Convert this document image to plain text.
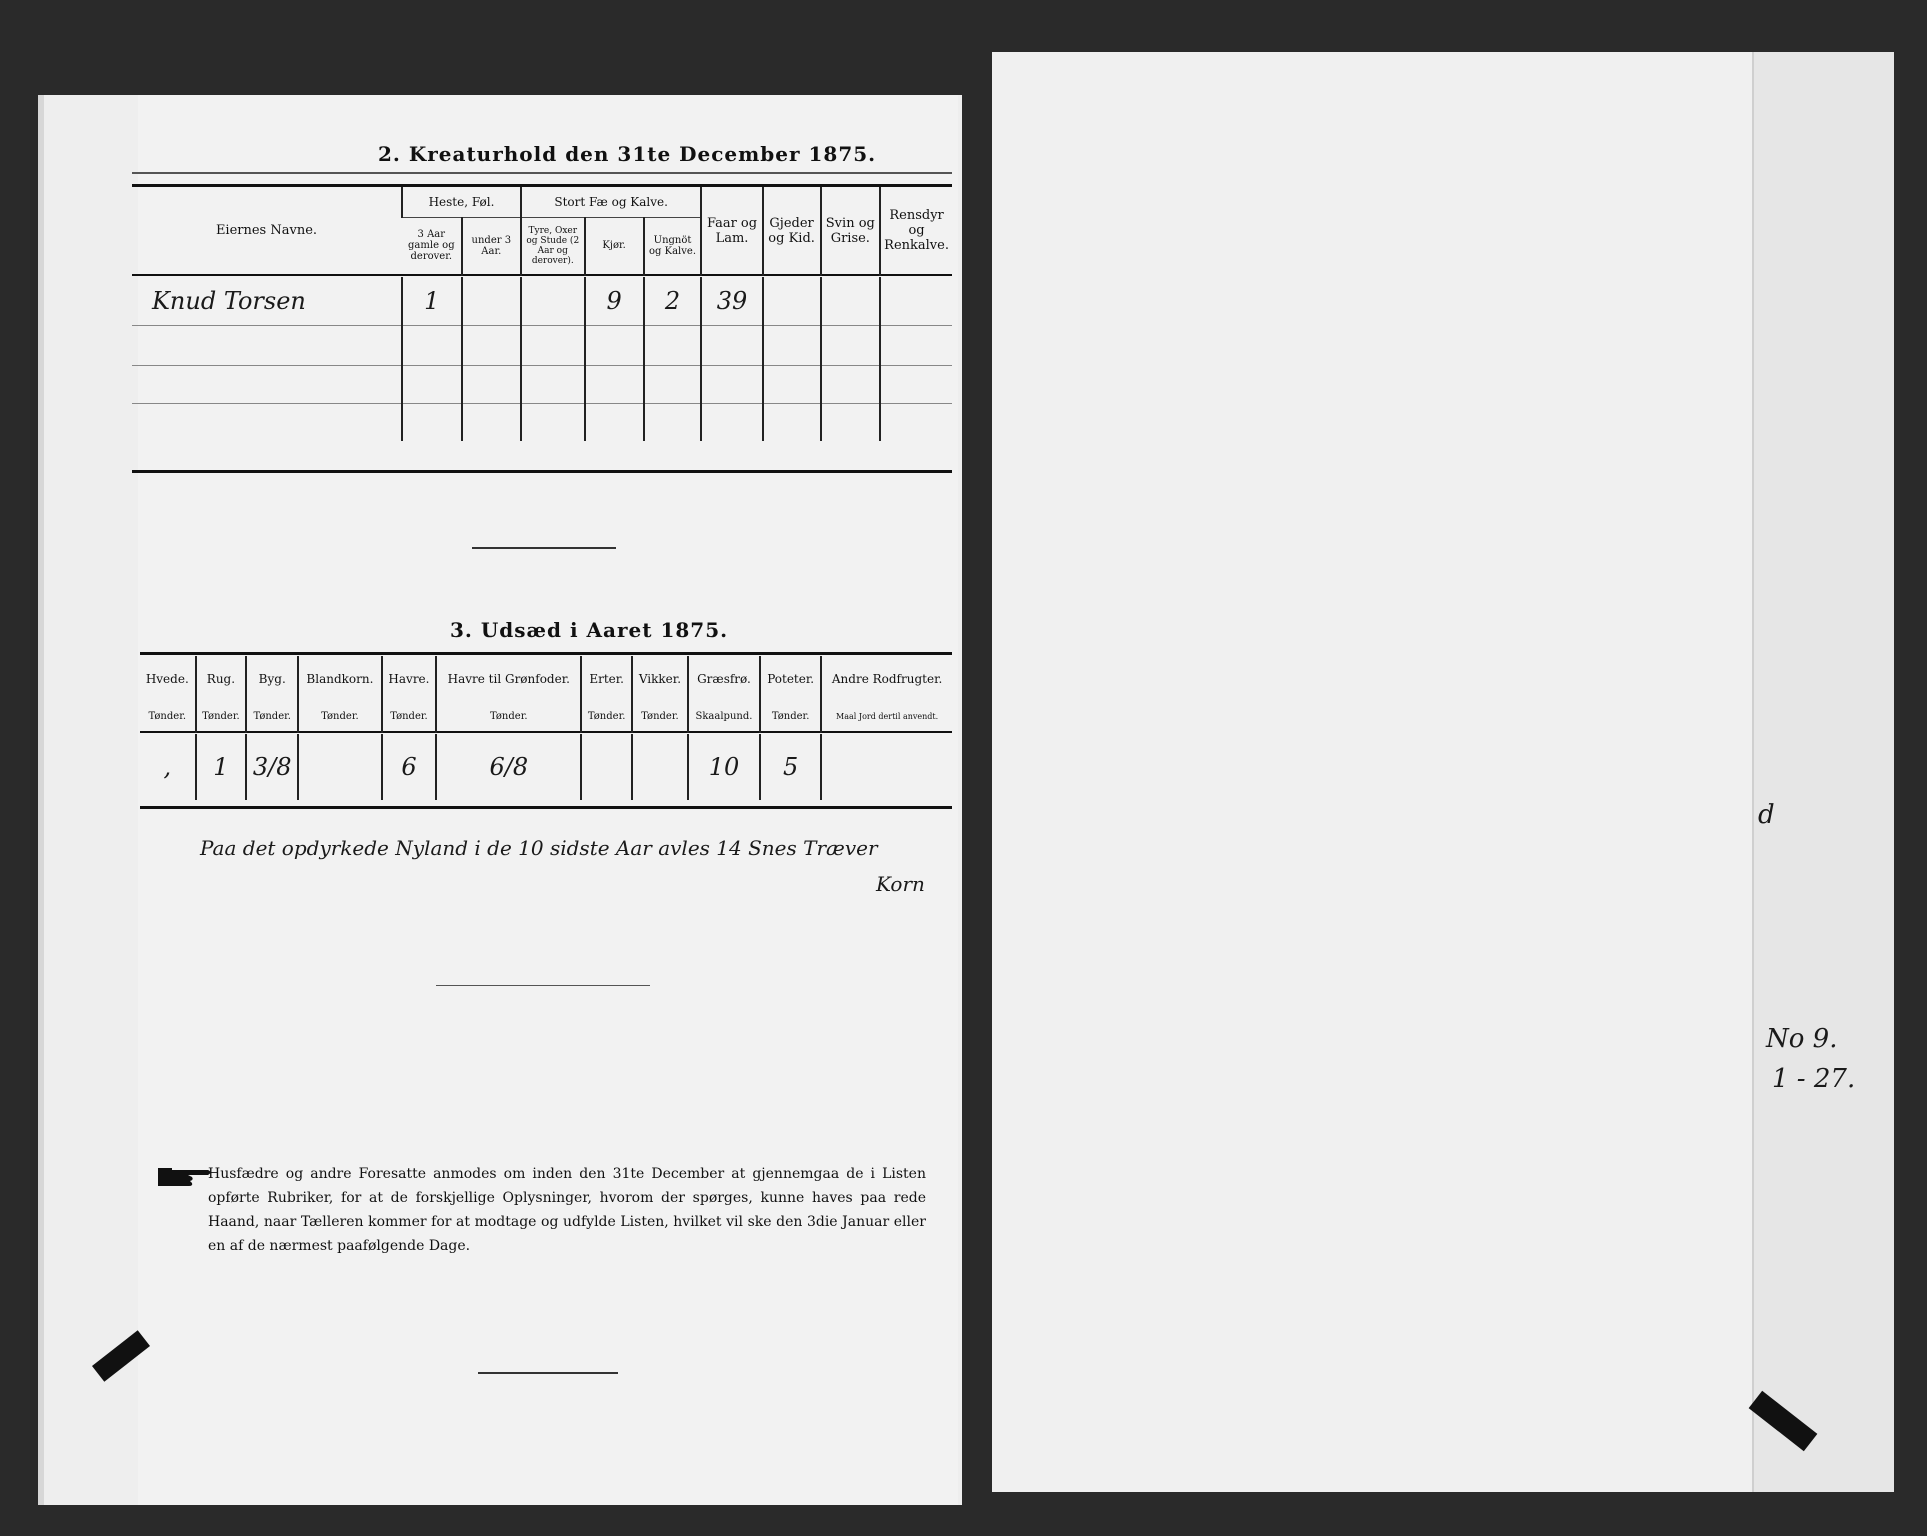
2. Kreaturhold den 31te December 1875.
Eiernes Navne.	Heste, Føl.		Stort Fæ og Kalve.			Faar og Lam.	Gjeder og Kid.	Svin og Grise.	Rensdyr og Renkalve.
	3 Aar gamle og derover.	under 3 Aar.	Tyre, Oxer og Stude (2 Aar og derover).	Kjør.	Ungnöt og Kalve.				

Knud Torsen	1			9	2	39			

3. Udsæd i Aaret 1875.
Hvede.	Rug.	Byg.	Blandkorn.	Havre.	Havre til Grønfoder.	Erter.	Vikker.	Græsfrø.	Poteter.	Andre Rodfrugter.
Tønder.	Tønder.	Tønder.	Tønder.	Tønder.	Tønder.	Tønder.	Tønder.	Skaalpund.	Tønder.	Maal Jord dertil anvendt.

,	1	3/8		6	6/8			10	5	
Paa det opdyrkede Nyland i de 10 sidste Aar avles 14 Snes Træver
Korn
Husfædre og andre Foresatte anmodes om inden den 31te December at gjennemgaa de i Listen opførte Rubriker, for at de forskjellige Oplysninger, hvorom der spørges, kunne haves paa rede Haand, naar Tælleren kommer for at modtage og udfylde Listen, hvilket vil ske den 3die Januar eller en af de nærmest paafølgende Dage.
d
No 9.
1 - 27.
